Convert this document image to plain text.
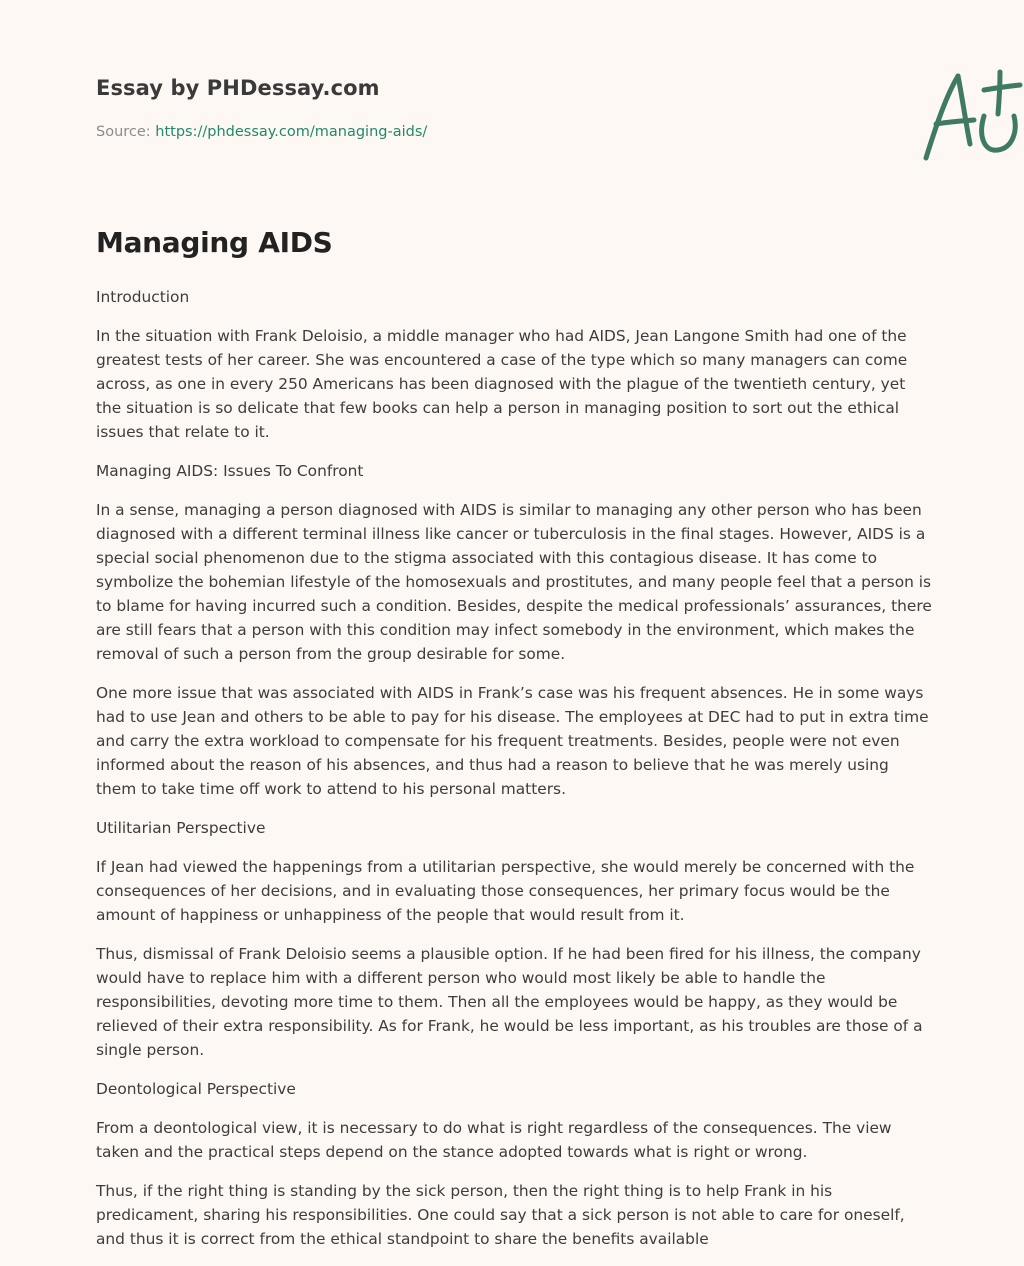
Essay by PHDessay.com
Source: https://phdessay.com/managing-aids/
Managing AIDS

Introduction

In the situation with Frank Deloisio, a middle manager who had AIDS, Jean Langone Smith had one of the greatest tests of her career. She was encountered a case of the type which so many managers can come across, as one in every 250 Americans has been diagnosed with the plague of the twentieth century, yet the situation is so delicate that few books can help a person in managing position to sort out the ethical issues that relate to it.

Managing AIDS: Issues To Confront

In a sense, managing a person diagnosed with AIDS is similar to managing any other person who has been diagnosed with a different terminal illness like cancer or tuberculosis in the final stages. However, AIDS is a special social phenomenon due to the stigma associated with this contagious disease. It has come to symbolize the bohemian lifestyle of the homosexuals and prostitutes, and many people feel that a person is to blame for having incurred such a condition. Besides, despite the medical professionals’ assurances, there are still fears that a person with this condition may infect somebody in the environment, which makes the removal of such a person from the group desirable for some.

One more issue that was associated with AIDS in Frank’s case was his frequent absences. He in some ways had to use Jean and others to be able to pay for his disease. The employees at DEC had to put in extra time and carry the extra workload to compensate for his frequent treatments. Besides, people were not even informed about the reason of his absences, and thus had a reason to believe that he was merely using them to take time off work to attend to his personal matters.

Utilitarian Perspective

If Jean had viewed the happenings from a utilitarian perspective, she would merely be concerned with the consequences of her decisions, and in evaluating those consequences, her primary focus would be the amount of happiness or unhappiness of the people that would result from it.

Thus, dismissal of Frank Deloisio seems a plausible option. If he had been fired for his illness, the company would have to replace him with a different person who would most likely be able to handle the responsibilities, devoting more time to them. Then all the employees would be happy, as they would be relieved of their extra responsibility. As for Frank, he would be less important, as his troubles are those of a single person.

Deontological Perspective

From a deontological view, it is necessary to do what is right regardless of the consequences. The view taken and the practical steps depend on the stance adopted towards what is right or wrong.

Thus, if the right thing is standing by the sick person, then the right thing is to help Frank in his predicament, sharing his responsibilities. One could say that a sick person is not able to care for oneself, and thus it is correct from the ethical standpoint to share the benefits available
